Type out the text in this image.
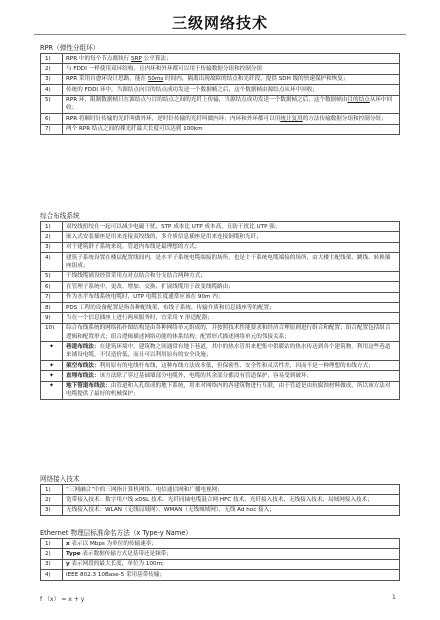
三级网络技术
RPR（弹性分组环）
1)	RPR 中的每个节点都执行 SRP 公平算法；
2)	与 FDDI 一样使用双环结构，且内环和外环都可以用于传输数据分组和控制分组
3)	RPR 采用自愈环设计思路，能在 50ms 时间内，隔离出现故障的结点和光纤段，提供 SDH 级的快速保护和恢复；
4)	传统的 FDDI 环中，当源结点向目的结点成功发送一个数据帧之后，这个数据帧由源结点从环中回收；
5)	RPR 环，限制数据帧只在源结点与目的结点之间的光纤上传输，当源结点成功发送一个数据帧之后，这个数据帧由目的结点从环中回收；
6)	RPR 将顺时针传输的光纤叫做外环，逆时针传输的光纤叫做内环；内环和外环都可以用统计复用的方法传输数据分组和控制分组；
7)	两个 RPR 结点之间的裸光纤最大长度可以达到 100km
综合布线系统
1)	双绞线扭绞在一起可以减少电磁干扰；STP 成本比 UTP 成本高，且防干扰比 UTP 强；
2)	嵌入式安装插座是用来连接双绞线的，多介质信息插座是用来连接铜缆和光纤；
3)	对于建筑群子系统来说，管道内布线是最理想的方式；
4)	建筑子系统设置在楼层配置线间内，是水平子系统电缆端接的场所，也是主干系统电缆端接的场所，由大楼主配线架、跳线、转换插座组成；
5)	干线线缆铺设经常采用点对点结合和分支结合两种方式；
6)	在管理子系统中，更改、增加、交换、扩展线缆用于改变线缆路由；
7)	作为水平布线系统电缆时，UTP 电缆长度通常应该在 90m 内；
8)	PDS 工程的设备配置是指各种配线架、布线子系统、传输介质和信息插座等的配置；
9)	当在一个信息插座上进行两项服务时，宜采用 Y 形适配器；
10)	综合布线系统的网络拓扑图结构是由各种网络单元组成的，并按照技术性能要求和经济合理原则进行组合和配置；组合配置包括组合逻辑和配置形式；组合逻辑描述网络功能的体系结构；配置形式描述网络单元的邻接关系；
✦	巷道布线法：在建筑环境中，建筑物之间通常有地下巷道，其中的热水管用来把集中供暖站的热水传送到各个建筑物，利用这些巷道来铺设电缆，不仅造价低，而且可以利用原有的安全设施；
✦	架空布线法：利用原有的电线杆布线，这种布线方法成本低，但保密性、安全性和灵活性差，因而不是一种理想的布线方式；
✦	直埋布线法：该方法除了穿过基础墙部分电缆外，电缆的其余部分都没有管道保护，容易受到破坏；
✦	地下管道布线法：由管道和入孔组成的地下系统，用来对网络内的各建筑物进行互联，由于管道是由抗腐蚀材料做成，所以该方法对电缆提供了最好的机械保护；
网络接入技术
1)	“三网融合”中的三网指计算机网络、电信通信网和广播电视网；
2)	宽带接入技术：数字用户线 xDSL 技术、光纤同轴电缆混合网 HFC 技术、光纤接入技术、无线接入技术、局域网接入技术；
3)	无线接入技术：WLAN（无线局域网）、WMAN（无线城域网）、无线 Ad hoc 接入；
Ethernet 物理层标准命名方法（x Type-y Name）
1)	x 表示以 Mbps 为单位的传输速率；
2)	Type 表示数据传输方式是基带还是频带；
3)	y 表示网段的最大长度，单位为 100m;
4)	IEEE 802.3 10Base-5 采用基带传输；
f （x） = x + y	1
